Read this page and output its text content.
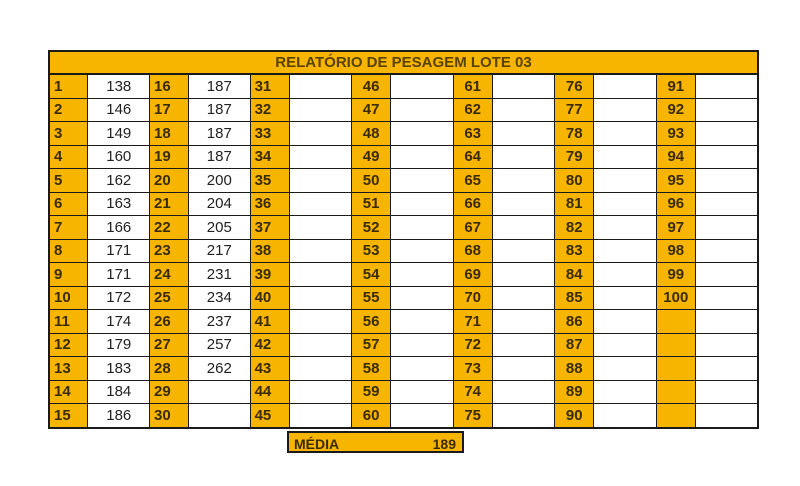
RELATÓRIO DE PESAGEM LOTE 03													
1	138	16	187	31		46		61		76		91	
2	146	17	187	32		47		62		77		92	
3	149	18	187	33		48		63		78		93	
4	160	19	187	34		49		64		79		94	
5	162	20	200	35		50		65		80		95	
6	163	21	204	36		51		66		81		96	
7	166	22	205	37		52		67		82		97	
8	171	23	217	38		53		68		83		98	
9	171	24	231	39		54		69		84		99	
10	172	25	234	40		55		70		85		100	
11	174	26	237	41		56		71		86			
12	179	27	257	42		57		72		87			
13	183	28	262	43		58		73		88			
14	184	29		44		59		74		89			
15	186	30		45		60		75		90			
MÉDIA	189
